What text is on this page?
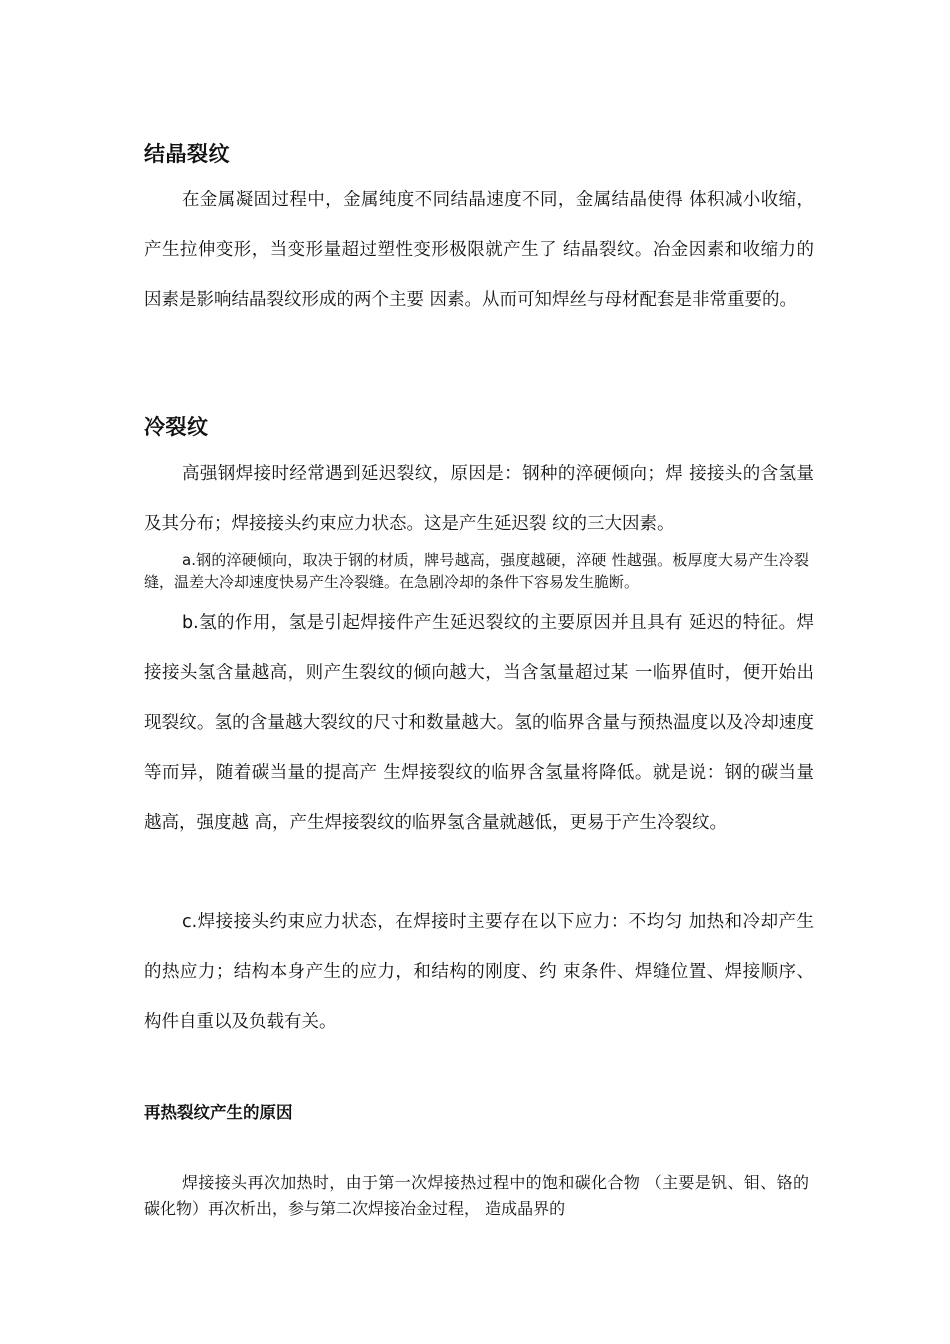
结晶裂纹

在金属凝固过程中，金属纯度不同结晶速度不同，金属结晶使得 体积减小收缩，产生拉伸变形，当变形量超过塑性变形极限就产生了 结晶裂纹。冶金因素和收缩力的因素是影响结晶裂纹形成的两个主要 因素。从而可知焊丝与母材配套是非常重要的。

冷裂纹

高强钢焊接时经常遇到延迟裂纹，原因是：钢种的淬硬倾向；焊 接接头的含氢量及其分布；焊接接头约束应力状态。这是产生延迟裂 纹的三大因素。

a.钢的淬硬倾向，取决于钢的材质，牌号越高，强度越硬，淬硬 性越强。板厚度大易产生冷裂缝，温差大冷却速度快易产生冷裂缝。在急剧冷却的条件下容易发生脆断。

b.氢的作用，氢是引起焊接件产生延迟裂纹的主要原因并且具有 延迟的特征。焊接接头氢含量越高，则产生裂纹的倾向越大，当含氢量超过某 一临界值时，便开始出现裂纹。氢的含量越大裂纹的尺寸和数量越大。氢的临界含量与预热温度以及冷却速度等而异，随着碳当量的提高产 生焊接裂纹的临界含氢量将降低。就是说：钢的碳当量越高，强度越 高，产生焊接裂纹的临界氢含量就越低，更易于产生冷裂纹。

c.焊接接头约束应力状态，在焊接时主要存在以下应力：不均匀 加热和冷却产生的热应力；结构本身产生的应力，和结构的刚度、约 束条件、焊缝位置、焊接顺序、构件自重以及负载有关。

再热裂纹产生的原因

焊接接头再次加热时，由于第一次焊接热过程中的饱和碳化合物 （主要是钒、钼、铬的碳化物）再次析出，参与第二次焊接冶金过程， 造成晶界的
